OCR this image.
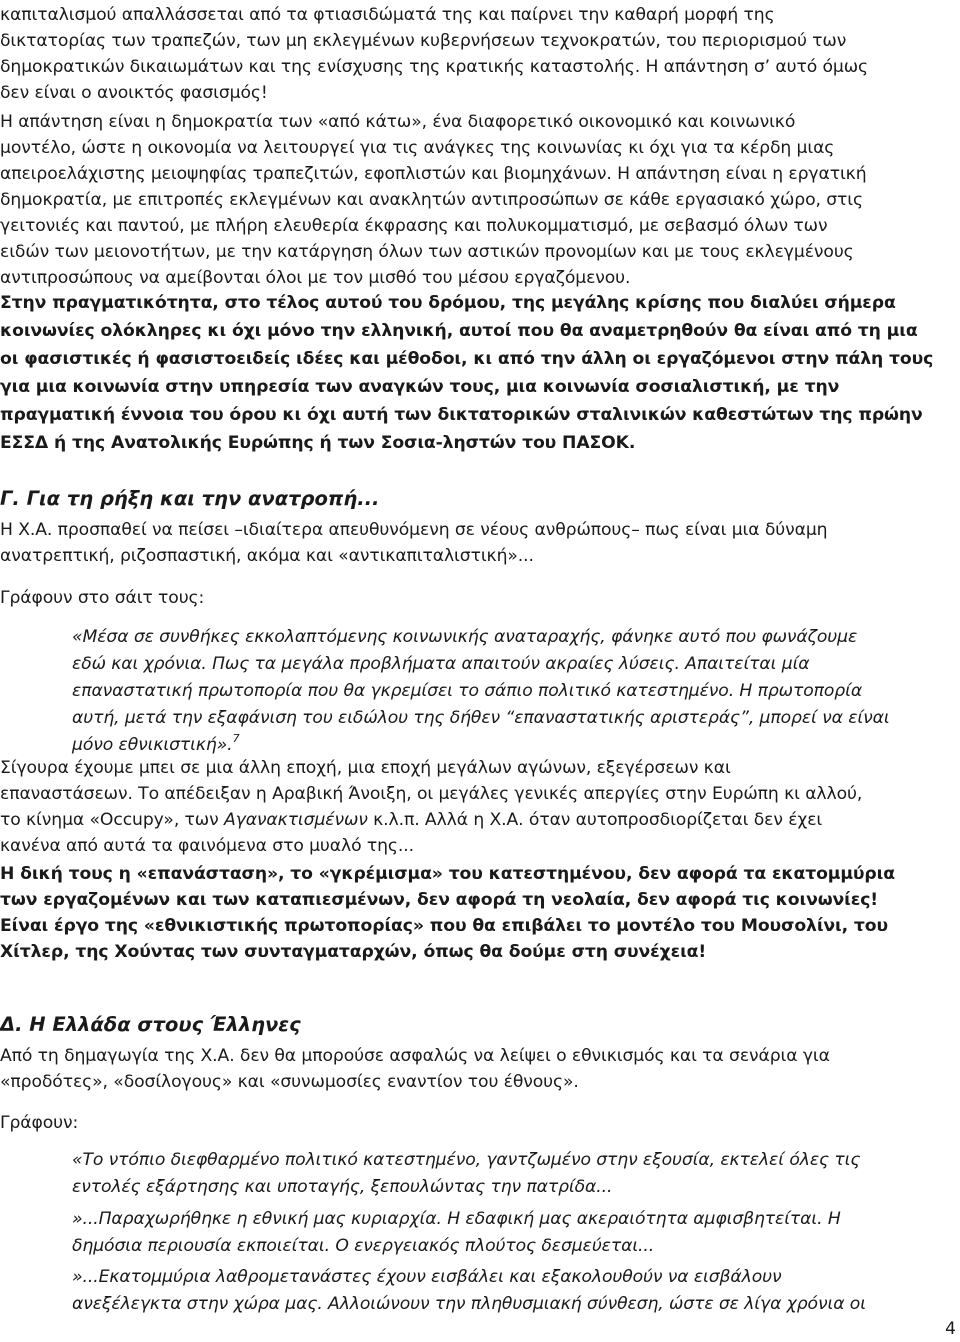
καπιταλισμού απαλλάσσεται από τα φτιασιδώματά της και παίρνει την καθαρή μορφή της
δικτατορίας των τραπεζών, των μη εκλεγμένων κυβερνήσεων τεχνοκρατών, του περιορισμού των
δημοκρατικών δικαιωμάτων και της ενίσχυσης της κρατικής καταστολής. Η απάντηση σ’ αυτό όμως
δεν είναι ο ανοικτός φασισμός!
Η απάντηση είναι η δημοκρατία των «από κάτω», ένα διαφορετικό οικονομικό και κοινωνικό
μοντέλο, ώστε η οικονομία να λειτουργεί για τις ανάγκες της κοινωνίας κι όχι για τα κέρδη μιας
απειροελάχιστης μειοψηφίας τραπεζιτών, εφοπλιστών και βιομηχάνων. Η απάντηση είναι η εργατική
δημοκρατία, με επιτροπές εκλεγμένων και ανακλητών αντιπροσώπων σε κάθε εργασιακό χώρο, στις
γειτονιές και παντού, με πλήρη ελευθερία έκφρασης και πολυκομματισμό, με σεβασμό όλων των
ειδών των μειονοτήτων, με την κατάργηση όλων των αστικών προνομίων και με τους εκλεγμένους
αντιπροσώπους να αμείβονται όλοι με τον μισθό του μέσου εργαζόμενου.
Στην πραγματικότητα, στο τέλος αυτού του δρόμου, της μεγάλης κρίσης που διαλύει σήμερα
κοινωνίες ολόκληρες κι όχι μόνο την ελληνική, αυτοί που θα αναμετρηθούν θα είναι από τη μια
οι φασιστικές ή φασιστοειδείς ιδέες και μέθοδοι, κι από την άλλη οι εργαζόμενοι στην πάλη τους
για μια κοινωνία στην υπηρεσία των αναγκών τους, μια κοινωνία σοσιαλιστική, με την
πραγματική έννοια του όρου κι όχι αυτή των δικτατορικών σταλινικών καθεστώτων της πρώην
ΕΣΣΔ ή της Ανατολικής Ευρώπης ή των Σοσια-ληστών του ΠΑΣΟΚ.
Γ. Για τη ρήξη και την ανατροπή...
Η Χ.Α. προσπαθεί να πείσει –ιδιαίτερα απευθυνόμενη σε νέους ανθρώπους– πως είναι μια δύναμη
ανατρεπτική, ριζοσπαστική, ακόμα και «αντικαπιταλιστική»...
Γράφουν στο σάιτ τους:
«Μέσα σε συνθήκες εκκολαπτόμενης κοινωνικής αναταραχής, φάνηκε αυτό που φωνάζουμε
εδώ και χρόνια. Πως τα μεγάλα προβλήματα απαιτούν ακραίες λύσεις. Απαιτείται μία
επαναστατική πρωτοπορία που θα γκρεμίσει το σάπιο πολιτικό κατεστημένο. Η πρωτοπορία
αυτή, μετά την εξαφάνιση του ειδώλου της δήθεν “επαναστατικής αριστεράς”, μπορεί να είναι
μόνο εθνικιστική».$^7$
Σίγουρα έχουμε μπει σε μια άλλη εποχή, μια εποχή μεγάλων αγώνων, εξεγέρσεων και
επαναστάσεων. Το απέδειξαν η Αραβική Άνοιξη, οι μεγάλες γενικές απεργίες στην Ευρώπη κι αλλού,
το κίνημα «Occupy», των Αγανακτισμένων κ.λ.π. Αλλά η Χ.Α. όταν αυτοπροσδιορίζεται δεν έχει
κανένα από αυτά τα φαινόμενα στο μυαλό της...
Η δική τους η «επανάσταση», το «γκρέμισμα» του κατεστημένου, δεν αφορά τα εκατομμύρια
των εργαζομένων και των καταπιεσμένων, δεν αφορά τη νεολαία, δεν αφορά τις κοινωνίες!
Είναι έργο της «εθνικιστικής πρωτοπορίας» που θα επιβάλει το μοντέλο του Μουσολίνι, του
Χίτλερ, της Χούντας των συνταγματαρχών, όπως θα δούμε στη συνέχεια!
Δ. Η Ελλάδα στους Έλληνες
Από τη δημαγωγία της Χ.Α. δεν θα μπορούσε ασφαλώς να λείψει ο εθνικισμός και τα σενάρια για
«προδότες», «δοσίλογους» και «συνωμοσίες εναντίον του έθνους».
Γράφουν:
«Το ντόπιο διεφθαρμένο πολιτικό κατεστημένο, γαντζωμένο στην εξουσία, εκτελεί όλες τις
εντολές εξάρτησης και υποταγής, ξεπουλώντας την πατρίδα...
»...Παραχωρήθηκε η εθνική μας κυριαρχία. Η εδαφική μας ακεραιότητα αμφισβητείται. Η
δημόσια περιουσία εκποιείται. Ο ενεργειακός πλούτος δεσμεύεται...
»...Εκατομμύρια λαθρομετανάστες έχουν εισβάλει και εξακολουθούν να εισβάλουν
ανεξέλεγκτα στην χώρα μας. Αλλοιώνουν την πληθυσμιακή σύνθεση, ώστε σε λίγα χρόνια οι
4
